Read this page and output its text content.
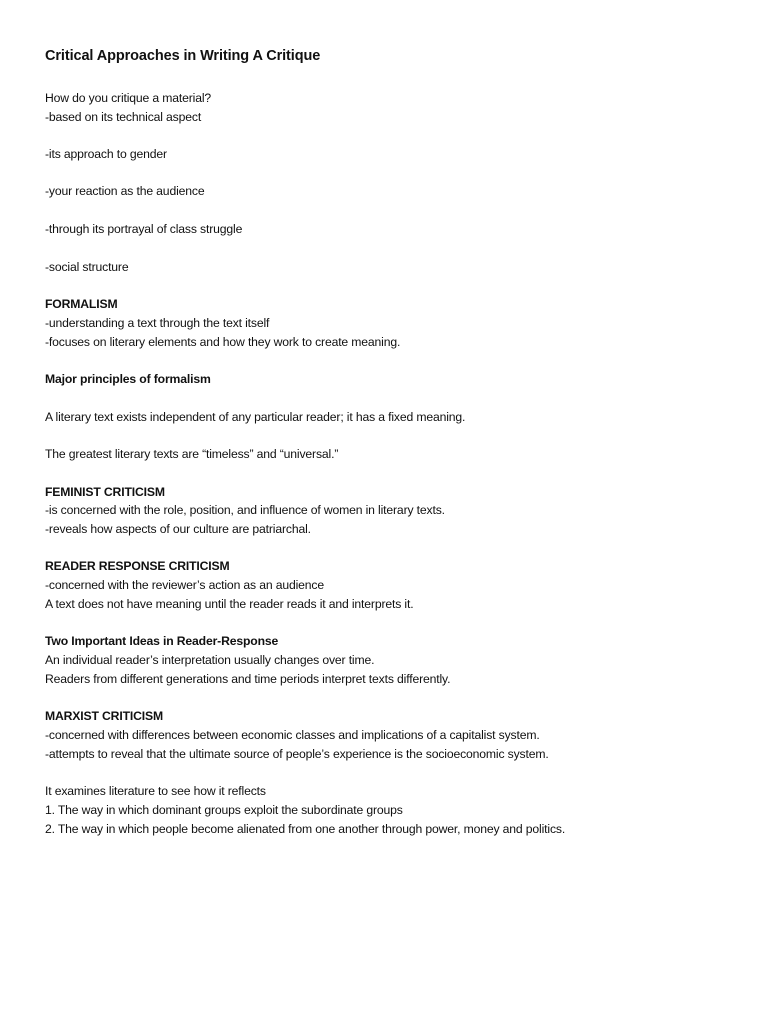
Critical Approaches in Writing A Critique
How do you critique a material?
-based on its technical aspect
-its approach to gender
-your reaction as the audience
-through its portrayal of class struggle
-social structure
FORMALISM
-understanding a text through the text itself
-focuses on literary elements and how they work to create meaning.
Major principles of formalism
A literary text exists independent of any particular reader; it has a fixed meaning.
The greatest literary texts are “timeless” and “universal.”
FEMINIST CRITICISM
-is concerned with the role, position, and influence of women in literary texts.
-reveals how aspects of our culture are patriarchal.
READER RESPONSE CRITICISM
-concerned with the reviewer’s action as an audience
A text does not have meaning until the reader reads it and interprets it.
Two Important Ideas in Reader-Response
An individual reader’s interpretation usually changes over time.
Readers from different generations and time periods interpret texts differently.
MARXIST CRITICISM
-concerned with differences between economic classes and implications of a capitalist system.
-attempts to reveal that the ultimate source of people’s experience is the socioeconomic system.
It examines literature to see how it reflects
1. The way in which dominant groups exploit the subordinate groups
2. The way in which people become alienated from one another through power, money and politics.
